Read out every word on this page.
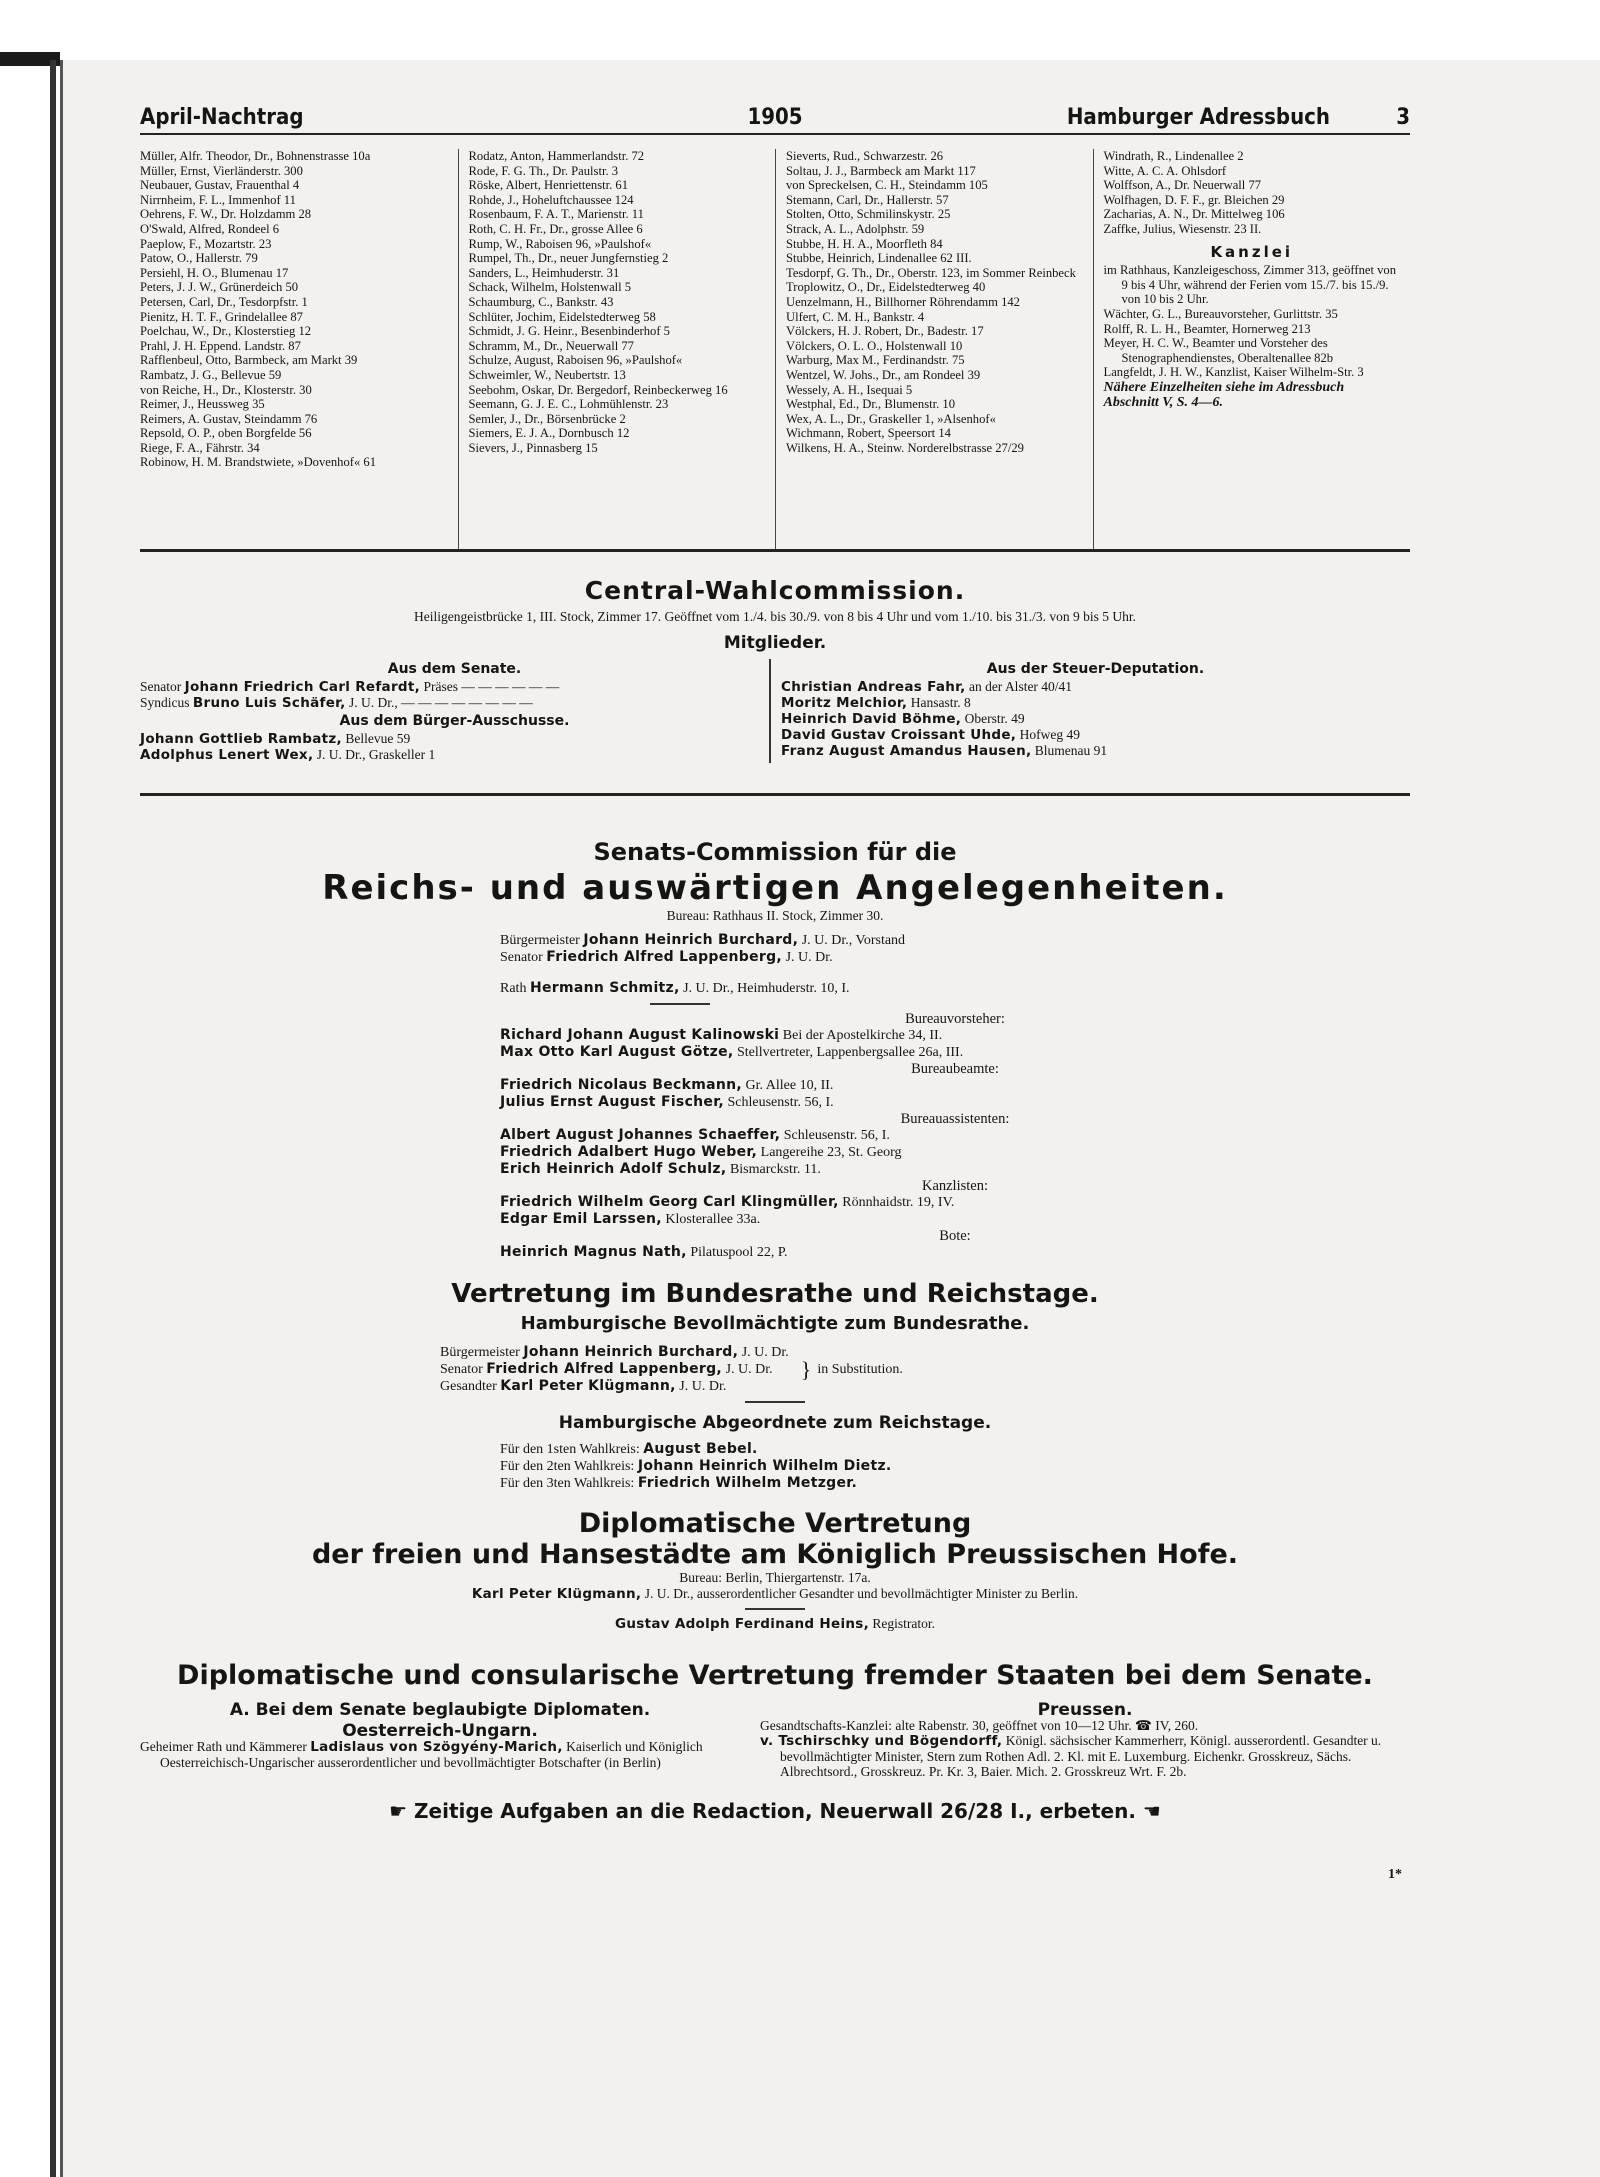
April-Nachtrag	1905	Hamburger Adressbuch	3
Müller, Alfr. Theodor, Dr., Bohnenstrasse 10a
Müller, Ernst, Vierländerstr. 300
Neubauer, Gustav, Frauenthal 4
Nirrnheim, F. L., Immenhof 11
Oehrens, F. W., Dr. Holzdamm 28
O'Swald, Alfred, Rondeel 6
Paeplow, F., Mozartstr. 23
Patow, O., Hallerstr. 79
Persiehl, H. O., Blumenau 17
Peters, J. J. W., Grünerdeich 50
Petersen, Carl, Dr., Tesdorpfstr. 1
Pienitz, H. T. F., Grindelallee 87
Poelchau, W., Dr., Klosterstieg 12
Prahl, J. H. Eppend. Landstr. 87
Rafflenbeul, Otto, Barmbeck, am Markt 39
Rambatz, J. G., Bellevue 59
von Reiche, H., Dr., Klosterstr. 30
Reimer, J., Heussweg 35
Reimers, A. Gustav, Steindamm 76
Repsold, O. P., oben Borgfelde 56
Riege, F. A., Fährstr. 34
Robinow, H. M. Brandstwiete, »Dovenhof« 61
Rodatz, Anton, Hammerlandstr. 72
Rode, F. G. Th., Dr. Paulstr. 3
Röske, Albert, Henriettenstr. 61
Rohde, J., Hoheluftchaussee 124
Rosenbaum, F. A. T., Marienstr. 11
Roth, C. H. Fr., Dr., grosse Allee 6
Rump, W., Raboisen 96, »Paulshof«
Rumpel, Th., Dr., neuer Jungfernstieg 2
Sanders, L., Heimhuderstr. 31
Schack, Wilhelm, Holstenwall 5
Schaumburg, C., Bankstr. 43
Schlüter, Jochim, Eidelstedterweg 58
Schmidt, J. G. Heinr., Besenbinderhof 5
Schramm, M., Dr., Neuerwall 77
Schulze, August, Raboisen 96, »Paulshof«
Schweimler, W., Neubertstr. 13
Seebohm, Oskar, Dr. Bergedorf, Reinbeckerweg 16
Seemann, G. J. E. C., Lohmühlenstr. 23
Semler, J., Dr., Börsenbrücke 2
Siemers, E. J. A., Dornbusch 12
Sievers, J., Pinnasberg 15
Sieverts, Rud., Schwarzestr. 26
Soltau, J. J., Barmbeck am Markt 117
von Spreckelsen, C. H., Steindamm 105
Stemann, Carl, Dr., Hallerstr. 57
Stolten, Otto, Schmilinskystr. 25
Strack, A. L., Adolphstr. 59
Stubbe, H. H. A., Moorfleth 84
Stubbe, Heinrich, Lindenallee 62 III.
Tesdorpf, G. Th., Dr., Oberstr. 123, im Sommer Reinbeck
Troplowitz, O., Dr., Eidelstedterweg 40
Uenzelmann, H., Billhorner Röhrendamm 142
Ulfert, C. M. H., Bankstr. 4
Völckers, H. J. Robert, Dr., Badestr. 17
Völckers, O. L. O., Holstenwall 10
Warburg, Max M., Ferdinandstr. 75
Wentzel, W. Johs., Dr., am Rondeel 39
Wessely, A. H., Isequai 5
Westphal, Ed., Dr., Blumenstr. 10
Wex, A. L., Dr., Graskeller 1, »Alsenhof«
Wichmann, Robert, Speersort 14
Wilkens, H. A., Steinw. Norderelbstrasse 27/29
Windrath, R., Lindenallee 2
Witte, A. C. A. Ohlsdorf
Wolffson, A., Dr. Neuerwall 77
Wolfhagen, D. F. F., gr. Bleichen 29
Zacharias, A. N., Dr. Mittelweg 106
Zaffke, Julius, Wiesenstr. 23 II.
Kanzlei
im Rathhaus, Kanzleigeschoss, Zimmer 313, geöffnet von 9 bis 4 Uhr, während der Ferien vom 15./7. bis 15./9. von 10 bis 2 Uhr.
Wächter, G. L., Bureauvorsteher, Gurlittstr. 35
Rolff, R. L. H., Beamter, Hornerweg 213
Meyer, H. C. W., Beamter und Vorsteher des Stenographendienstes, Oberaltenallee 82b
Langfeldt, J. H. W., Kanzlist, Kaiser Wilhelm-Str. 3
Nähere Einzelheiten siehe im Adressbuch Abschnitt V, S. 4—6.
Central-Wahlcommission.
Heiligengeistbrücke 1, III. Stock, Zimmer 17. Geöffnet vom 1./4. bis 30./9. von 8 bis 4 Uhr und vom 1./10. bis 31./3. von 9 bis 5 Uhr.
Mitglieder.
Aus dem Senate.
Senator Johann Friedrich Carl Refardt, Präses — — — — — —
Syndicus Bruno Luis Schäfer, J. U. Dr., — — — — — — — —
Aus dem Bürger-Ausschusse.
Johann Gottlieb Rambatz, Bellevue 59
Adolphus Lenert Wex, J. U. Dr., Graskeller 1
Aus der Steuer-Deputation.
Christian Andreas Fahr, an der Alster 40/41
Moritz Melchior, Hansastr. 8
Heinrich David Böhme, Oberstr. 49
David Gustav Croissant Uhde, Hofweg 49
Franz August Amandus Hausen, Blumenau 91
Senats-Commission für die
Reichs- und auswärtigen Angelegenheiten.
Bureau: Rathhaus II. Stock, Zimmer 30.
Bürgermeister Johann Heinrich Burchard, J. U. Dr., Vorstand
Senator Friedrich Alfred Lappenberg, J. U. Dr.
Rath Hermann Schmitz, J. U. Dr., Heimhuderstr. 10, I.
Bureauvorsteher:
Richard Johann August Kalinowski Bei der Apostelkirche 34, II.
Max Otto Karl August Götze, Stellvertreter, Lappenbergsallee 26a, III.
Bureaubeamte:
Friedrich Nicolaus Beckmann, Gr. Allee 10, II.
Julius Ernst August Fischer, Schleusenstr. 56, I.
Bureauassistenten:
Albert August Johannes Schaeffer, Schleusenstr. 56, I.
Friedrich Adalbert Hugo Weber, Langereihe 23, St. Georg
Erich Heinrich Adolf Schulz, Bismarckstr. 11.
Kanzlisten:
Friedrich Wilhelm Georg Carl Klingmüller, Rönnhaidstr. 19, IV.
Edgar Emil Larssen, Klosterallee 33a.
Bote:
Heinrich Magnus Nath, Pilatuspool 22, P.
Vertretung im Bundesrathe und Reichstage.
Hamburgische Bevollmächtigte zum Bundesrathe.
Bürgermeister Johann Heinrich Burchard, J. U. Dr.
Senator Friedrich Alfred Lappenberg, J. U. Dr.
Gesandter Karl Peter Klügmann, J. U. Dr.
} in Substitution.
Hamburgische Abgeordnete zum Reichstage.
Für den 1sten Wahlkreis: August Bebel.
Für den 2ten Wahlkreis: Johann Heinrich Wilhelm Dietz.
Für den 3ten Wahlkreis: Friedrich Wilhelm Metzger.
Diplomatische Vertretung
der freien und Hansestädte am Königlich Preussischen Hofe.
Bureau: Berlin, Thiergartenstr. 17a.
Karl Peter Klügmann, J. U. Dr., ausserordentlicher Gesandter und bevollmächtigter Minister zu Berlin.
Gustav Adolph Ferdinand Heins, Registrator.
Diplomatische und consularische Vertretung fremder Staaten bei dem Senate.
A. Bei dem Senate beglaubigte Diplomaten.
Oesterreich-Ungarn.
Geheimer Rath und Kämmerer Ladislaus von Szögyény-Marich, Kaiserlich und Königlich Oesterreichisch-Ungarischer ausserordentlicher und bevollmächtigter Botschafter (in Berlin)
Preussen.
Gesandtschafts-Kanzlei: alte Rabenstr. 30, geöffnet von 10—12 Uhr. ☎ IV, 260.
v. Tschirschky und Bögendorff, Königl. sächsischer Kammerherr, Königl. ausserordentl. Gesandter u. bevollmächtigter Minister, Stern zum Rothen Adl. 2. Kl. mit E. Luxemburg. Eichenkr. Grosskreuz, Sächs. Albrechtsord., Grosskreuz. Pr. Kr. 3, Baier. Mich. 2. Grosskreuz Wrt. F. 2b.
☛ Zeitige Aufgaben an die Redaction, Neuerwall 26/28 I., erbeten. ☚
1*
